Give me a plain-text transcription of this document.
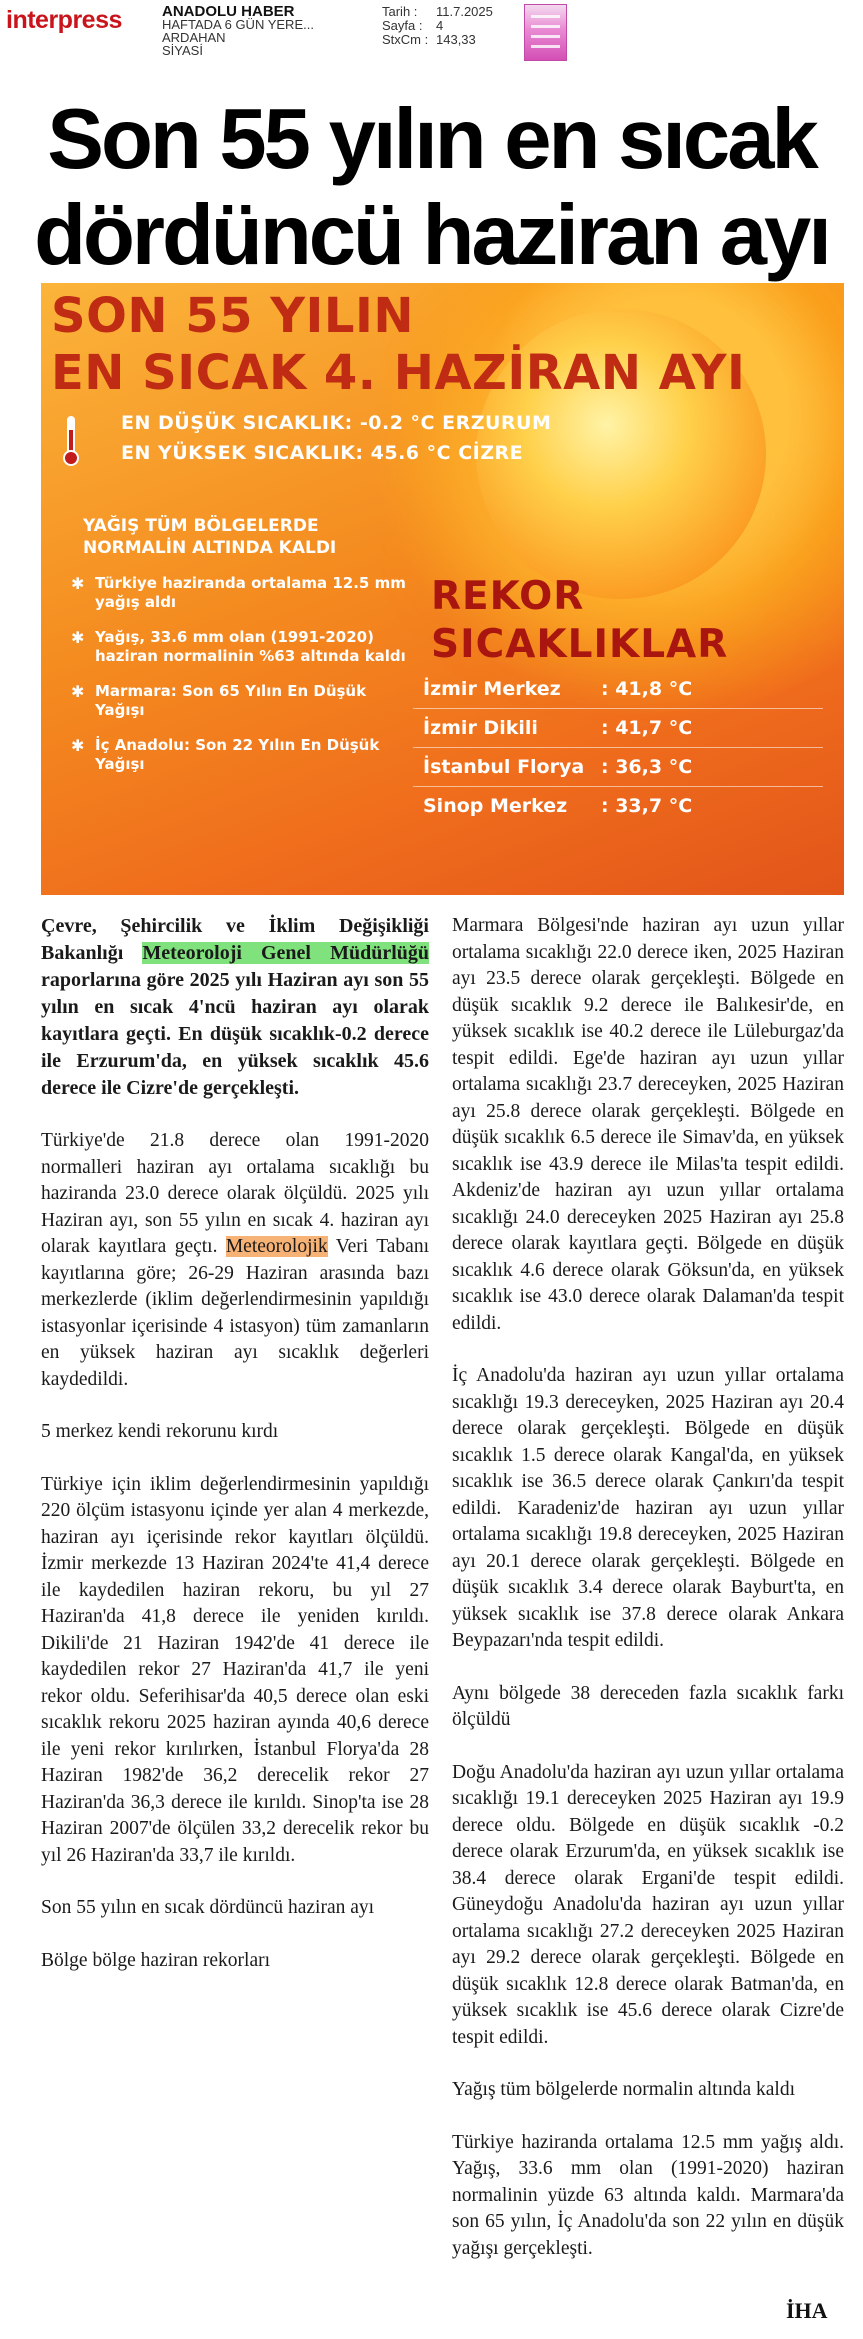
interpress	ANADOLU HABER
HAFTADA 6 GÜN YERE...
ARDAHAN
SİYASİ
Tarih : 11.7.2025
Sayfa : 4
StxCm : 143,33
Son 55 yılın en sıcak
dördüncü haziran ayı
SON 55 YILIN
EN SICAK 4. HAZİRAN AYI
EN DÜŞÜK SICAKLIK: -0.2 °C ERZURUM
EN YÜKSEK SICAKLIK: 45.6 °C CİZRE
YAĞIŞ TÜM BÖLGELERDE
NORMALİN ALTINDA KALDI
✱ Türkiye haziranda ortalama 12.5 mm yağış aldı
✱ Yağış, 33.6 mm olan (1991-2020) haziran normalinin %63 altında kaldı
✱ Marmara: Son 65 Yılın En Düşük Yağışı
✱ İç Anadolu: Son 22 Yılın En Düşük Yağışı
REKOR
SICAKLIKLAR
İzmir Merkez : 41,8 °C
İzmir Dikili	: 41,7 °C
İstanbul Florya : 36,3 °C
Sinop Merkez : 33,7 °C

Çevre, Şehircilik ve İklim Değişikliği Bakanlığı Meteoroloji Genel Müdürlüğü raporlarına göre 2025 yılı Haziran ayı son 55 yılın en sıcak 4'ncü haziran ayı olarak kayıtlara geçti. En düşük sıcaklık-0.2 derece ile Erzurum'da, en yüksek sıcaklık 45.6 derece ile Cizre'de gerçekleşti.

Türkiye'de 21.8 derece olan 1991-2020 normalleri haziran ayı ortalama sıcaklığı bu haziranda 23.0 derece olarak ölçüldü. 2025 yılı Haziran ayı, son 55 yılın en sıcak 4. haziran ayı olarak kayıtlara geçtı. Meteorolojik Veri Tabanı kayıtlarına göre; 26-29 Haziran arasında bazı merkezlerde (iklim değerlendirmesinin yapıldığı istasyonlar içerisinde 4 istasyon) tüm zamanların en yüksek haziran ayı sıcaklık değerleri kaydedildi.

5 merkez kendi rekorunu kırdı

Türkiye için iklim değerlendirmesinin yapıldığı 220 ölçüm istasyonu içinde yer alan 4 merkezde, haziran ayı içerisinde rekor kayıtları ölçüldü. İzmir merkezde 13 Haziran 2024'te 41,4 derece ile kaydedilen haziran rekoru, bu yıl 27 Haziran'da 41,8 derece ile yeniden kırıldı. Dikili'de 21 Haziran 1942'de 41 derece ile kaydedilen rekor 27 Haziran'da 41,7 ile yeni rekor oldu. Seferihisar'da 40,5 derece olan eski sıcaklık rekoru 2025 haziran ayında 40,6 derece ile yeni rekor kırılırken, İstanbul Florya'da 28 Haziran 1982'de 36,2 derecelik rekor 27 Haziran'da 36,3 derece ile kırıldı. Sinop'ta ise 28 Haziran 2007'de ölçülen 33,2 derecelik rekor bu yıl 26 Haziran'da 33,7 ile kırıldı.

Son 55 yılın en sıcak dördüncü haziran ayı

Bölge bölge haziran rekorları

Marmara Bölgesi'nde haziran ayı uzun yıllar ortalama sıcaklığı 22.0 derece iken, 2025 Haziran ayı 23.5 derece olarak gerçekleşti. Bölgede en düşük sıcaklık 9.2 derece ile Balıkesir'de, en yüksek sıcaklık ise 40.2 derece ile Lüleburgaz'da tespit edildi. Ege'de haziran ayı uzun yıllar ortalama sıcaklığı 23.7 dereceyken, 2025 Haziran ayı 25.8 derece olarak gerçekleşti. Bölgede en düşük sıcaklık 6.5 derece ile Simav'da, en yüksek sıcaklık ise 43.9 derece ile Milas'ta tespit edildi. Akdeniz'de haziran ayı uzun yıllar ortalama sıcaklığı 24.0 dereceyken 2025 Haziran ayı 25.8 derece olarak kayıtlara geçti. Bölgede en düşük sıcaklık 4.6 derece olarak Göksun'da, en yüksek sıcaklık ise 43.0 derece olarak Dalaman'da tespit edildi.

İç Anadolu'da haziran ayı uzun yıllar ortalama sıcaklığı 19.3 dereceyken, 2025 Haziran ayı 20.4 derece olarak gerçekleşti. Bölgede en düşük sıcaklık 1.5 derece olarak Kangal'da, en yüksek sıcaklık ise 36.5 derece olarak Çankırı'da tespit edildi. Karadeniz'de haziran ayı uzun yıllar ortalama sıcaklığı 19.8 dereceyken, 2025 Haziran ayı 20.1 derece olarak gerçekleşti. Bölgede en düşük sıcaklık 3.4 derece olarak Bayburt'ta, en yüksek sıcaklık ise 37.8 derece olarak Ankara Beypazarı'nda tespit edildi.

Aynı bölgede 38 dereceden fazla sıcaklık farkı ölçüldü

Doğu Anadolu'da haziran ayı uzun yıllar ortalama sıcaklığı 19.1 dereceyken 2025 Haziran ayı 19.9 derece oldu. Bölgede en düşük sıcaklık -0.2 derece olarak Erzurum'da, en yüksek sıcaklık ise 38.4 derece olarak Ergani'de tespit edildi. Güneydoğu Anadolu'da haziran ayı uzun yıllar ortalama sıcaklığı 27.2 dereceyken 2025 Haziran ayı 29.2 derece olarak gerçekleşti. Bölgede en düşük sıcaklık 12.8 derece olarak Batman'da, en yüksek sıcaklık ise 45.6 derece olarak Cizre'de tespit edildi.

Yağış tüm bölgelerde normalin altında kaldı

Türkiye haziranda ortalama 12.5 mm yağış aldı. Yağış, 33.6 mm olan (1991-2020) haziran normalinin yüzde 63 altında kaldı. Marmara'da son 65 yılın, İç Anadolu'da son 22 yılın en düşük yağışı gerçekleşti.

İHA
